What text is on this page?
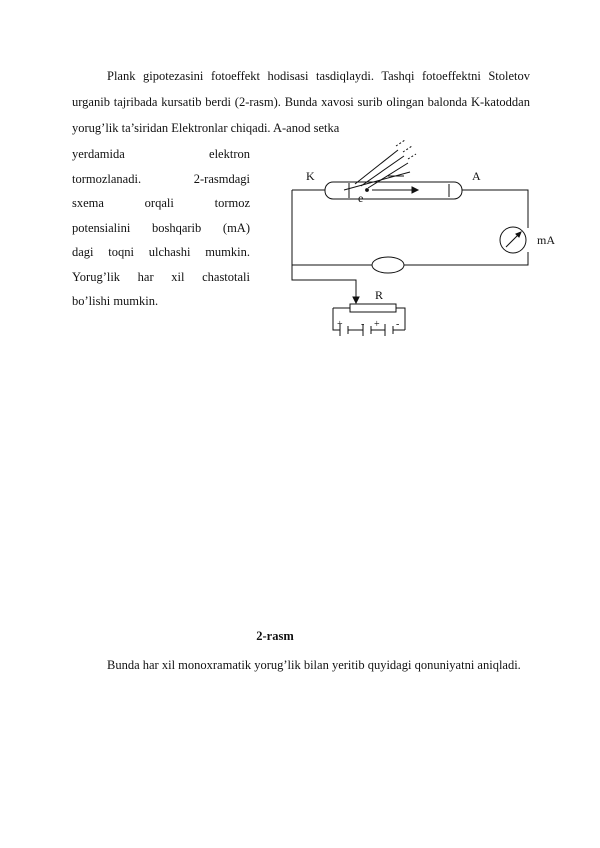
Plank gipotezasini fotoeffekt hodisasi tasdiqlaydi. Tashqi fotoeffektni Stoletov urganib tajribada kursatib berdi (2-rasm). Bunda xavosi surib olingan balonda K-katoddan yorug’lik ta’siridan Elektronlar chiqadi. A-anod setka

yerdamida elektron
tormozlanadi. 2-rasmdagi
sxema orqali tormoz
potensialini boshqarib (mA)
dagi toqni ulchashi mumkin.
Yorug’lik har xil chastotali
bo’lishi mumkin.
K	A
e
mA
R
+ - + -
2-rasm

Bunda har xil monoxramatik yorug’lik bilan yeritib quyidagi qonuniyatni aniqladi.
